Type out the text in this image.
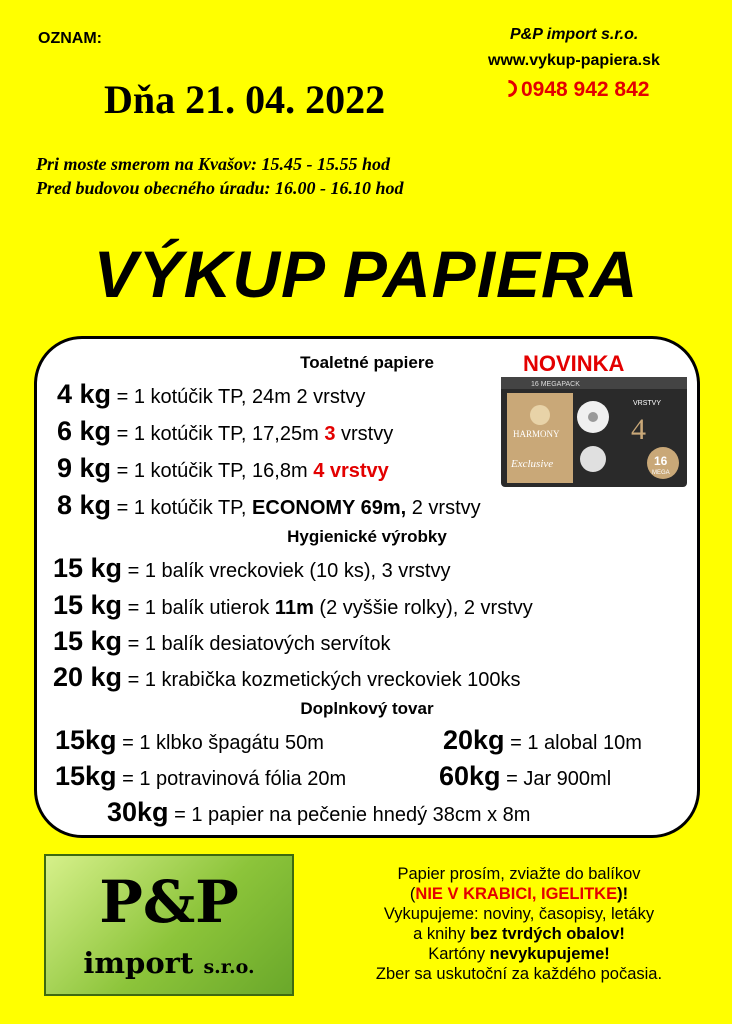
OZNAM:	P&P import s.r.o.
www.vykup-papiera.sk
0948 942 842
Dňa 21. 04. 2022
Pri moste smerom na Kvašov: 15.45 - 15.55 hod
Pred budovou obecného úradu: 16.00 - 16.10 hod
VÝKUP PAPIERA
NOVINKA
16 MEGAPACK
HARMONY
Exclusive
VRSTVY
4
16
MEGA
Toaletné papiere
4 kg = 1 kotúčik TP, 24m 2 vrstvy
6 kg = 1 kotúčik TP, 17,25m 3 vrstvy
9 kg = 1 kotúčik TP, 16,8m 4 vrstvy
8 kg = 1 kotúčik TP, ECONOMY 69m, 2 vrstvy
Hygienické výrobky
15 kg = 1 balík vreckoviek (10 ks), 3 vrstvy
15 kg = 1 balík utierok 11m (2 vyššie rolky), 2 vrstvy
15 kg = 1 balík desiatových servítok
20 kg = 1 krabička kozmetických vreckoviek 100ks
Doplnkový tovar
15kg = 1 klbko špagátu 50m	20kg = 1 alobal 10m
15kg = 1 potravinová fólia 20m	60kg = Jar 900ml
30kg = 1 papier na pečenie hnedý 38cm x 8m
P&P
import s.r.o.
Papier prosím, zviažte do balíkov
(NIE V KRABICI, IGELITKE)!
Vykupujeme: noviny, časopisy, letáky
a knihy bez tvrdých obalov!
Kartóny nevykupujeme!
Zber sa uskutoční za každého počasia.
